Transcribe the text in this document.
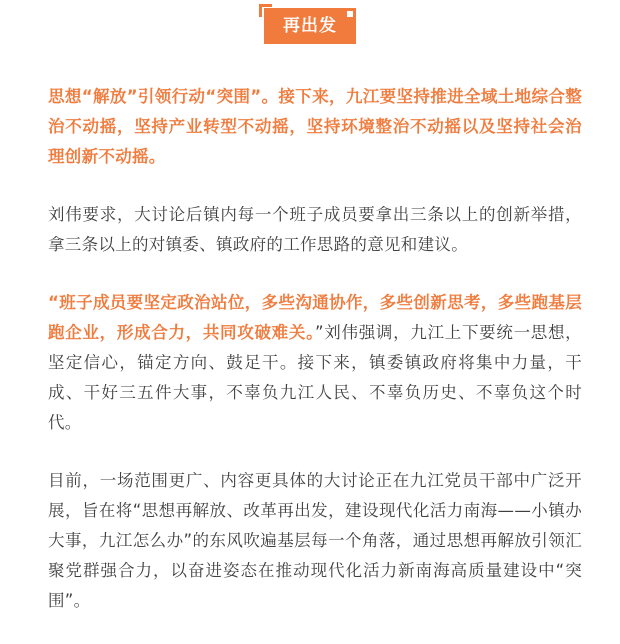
再出发

思想“解放”引领行动“突围”。接下来，九江要坚持推进全域土地综合整治不动摇，坚持产业转型不动摇，坚持环境整治不动摇以及坚持社会治理创新不动摇。

刘伟要求，大讨论后镇内每一个班子成员要拿出三条以上的创新举措，拿三条以上的对镇委、镇政府的工作思路的意见和建议。

“班子成员要坚定政治站位，多些沟通协作，多些创新思考，多些跑基层跑企业，形成合力，共同攻破难关。”刘伟强调，九江上下要统一思想，坚定信心，锚定方向、鼓足干。接下来，镇委镇政府将集中力量，干成、干好三五件大事，不辜负九江人民、不辜负历史、不辜负这个时代。

目前，一场范围更广、内容更具体的大讨论正在九江党员干部中广泛开展，旨在将“思想再解放、改革再出发，建设现代化活力南海——小镇办大事，九江怎么办”的东风吹遍基层每一个角落，通过思想再解放引领汇聚党群强合力，以奋进姿态在推动现代化活力新南海高质量建设中“突围”。
